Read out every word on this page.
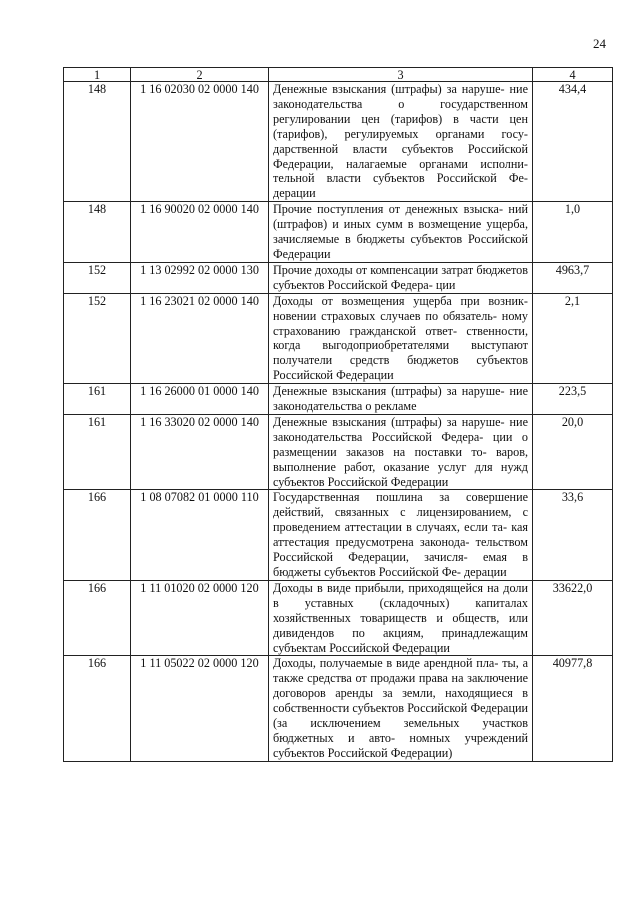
24
1	2	3	4
148	1 16 02030 02 0000 140	Денежные взыскания (штрафы) за наруше- ние законодательства о государственном регулировании цен (тарифов) в части цен (тарифов), регулируемых органами госу- дарственной власти субъектов Российской Федерации, налагаемые органами исполни- тельной власти субъектов Российской Фе- дерации	434,4
148	1 16 90020 02 0000 140	Прочие поступления от денежных взыска- ний (штрафов) и иных сумм в возмещение ущерба, зачисляемые в бюджеты субъектов Российской Федерации	1,0
152	1 13 02992 02 0000 130	Прочие доходы от компенсации затрат бюджетов субъектов Российской Федера- ции	4963,7
152	1 16 23021 02 0000 140	Доходы от возмещения ущерба при возник- новении страховых случаев по обязатель- ному страхованию гражданской ответ- ственности, когда выгодоприобретателями выступают получатели средств бюджетов субъектов Российской Федерации	2,1
161	1 16 26000 01 0000 140	Денежные взыскания (штрафы) за наруше- ние законодательства о рекламе	223,5
161	1 16 33020 02 0000 140	Денежные взыскания (штрафы) за наруше- ние законодательства Российской Федера- ции о размещении заказов на поставки то- варов, выполнение работ, оказание услуг для нужд субъектов Российской Федерации	20,0
166	1 08 07082 01 0000 110	Государственная пошлина за совершение действий, связанных с лицензированием, с проведением аттестации в случаях, если та- кая аттестация предусмотрена законода- тельством Российской Федерации, зачисля- емая в бюджеты субъектов Российской Фе- дерации	33,6
166	1 11 01020 02 0000 120	Доходы в виде прибыли, приходящейся на доли в уставных (складочных) капиталах хозяйственных товариществ и обществ, или дивидендов по акциям, принадлежащим субъектам Российской Федерации	33622,0
166	1 11 05022 02 0000 120	Доходы, получаемые в виде арендной пла- ты, а также средства от продажи права на заключение договоров аренды за земли, находящиеся в собственности субъектов Российской Федерации (за исключением земельных участков бюджетных и авто- номных учреждений субъектов Российской Федерации)	40977,8
